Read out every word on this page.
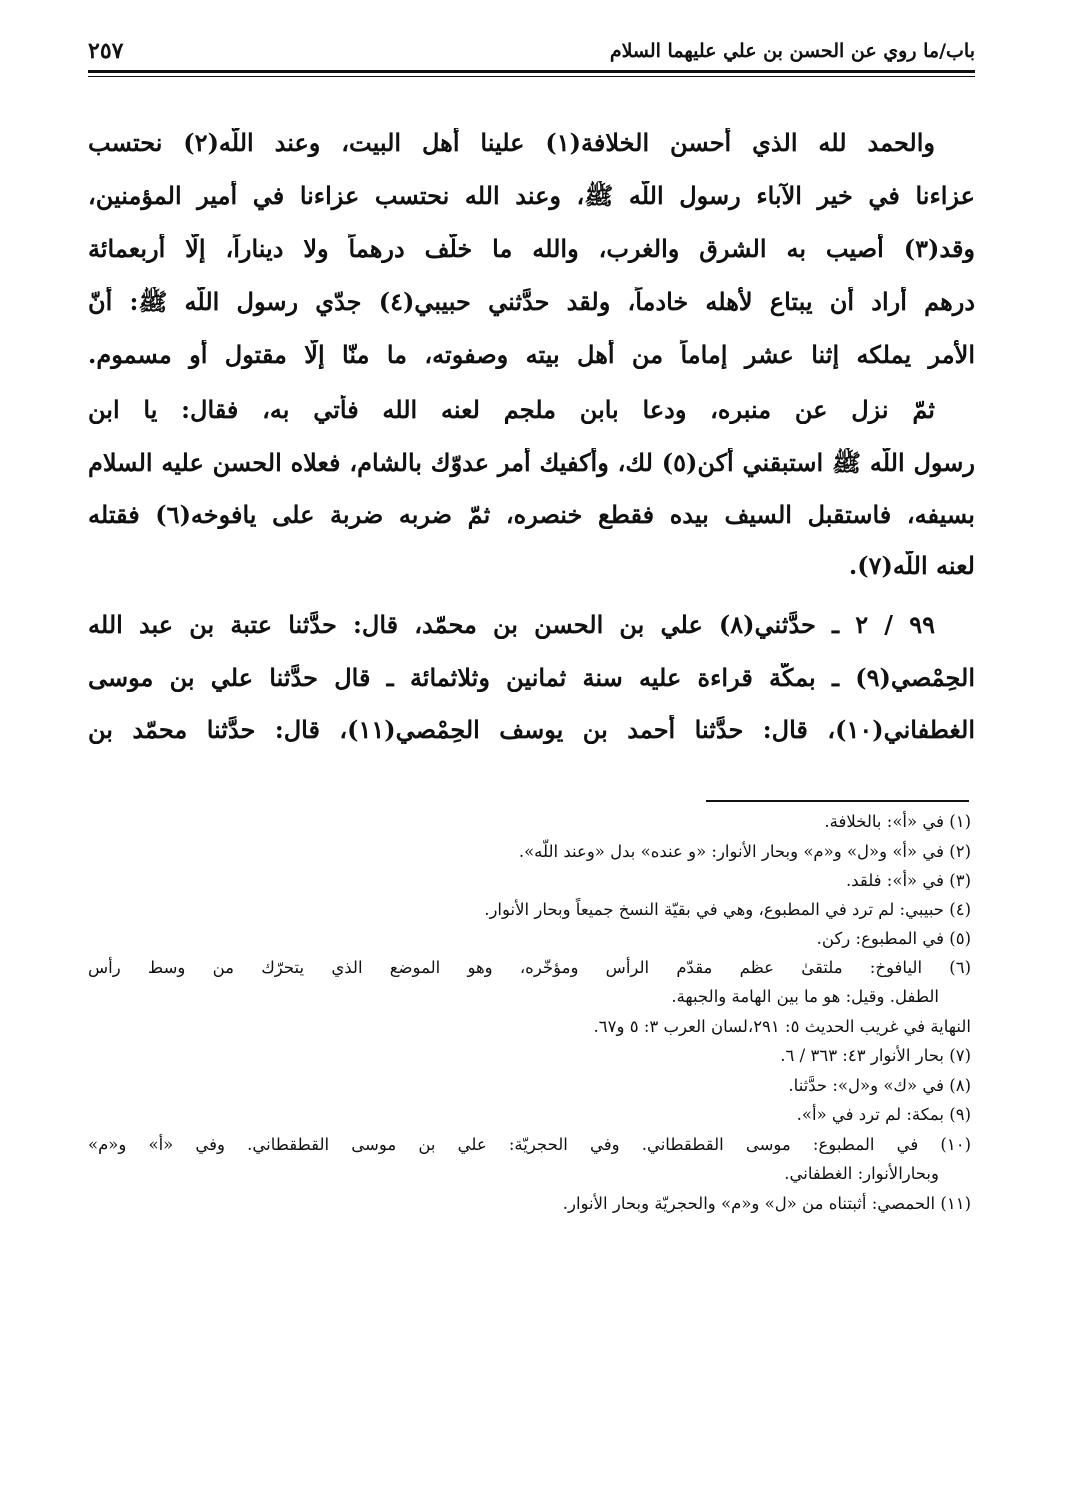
باب/ما روي عن الحسن بن علي عليهما السلام
٢٥٧
والحمد لله الذي أحسن الخلافة(١) علينا أهل البيت، وعند اللّه(٢) نحتسب
عزاءنا في خير الآباء رسول اللّه ﷺ، وعند الله نحتسب عزاءنا في أمير المؤمنين،
وقد(٣) أصيب به الشرق والغرب، والله ما خلّف درهماً ولا ديناراً، إلّا أربعمائة
درهم أراد أن يبتاع لأهله خادماً، ولقد حدَّثني حبيبي(٤) جدّي رسول اللّه ﷺ: أنّ
الأمر يملكه إثنا عشر إماماً من أهل بيته وصفوته، ما منّا إلّا مقتول أو مسموم.
ثمّ نزل عن منبره، ودعا بابن ملجم لعنه الله فأتي به، فقال: يا ابن
رسول اللّه ﷺ استبقني أكن(٥) لك، وأكفيك أمر عدوّك بالشام، فعلاه الحسن عليه السلام
بسيفه، فاستقبل السيف بيده فقطع خنصره، ثمّ ضربه ضربة على يافوخه(٦) فقتله
لعنه اللّه(٧).
٩٩ / ٢ ـ حدَّثني(٨) علي بن الحسن بن محمّد، قال: حدَّثنا عتبة بن عبد الله
الحِمْصي(٩) ـ بمكّة قراءة عليه سنة ثمانين وثلاثمائة ـ قال حدَّثنا علي بن موسى
الغطفاني(١٠)، قال: حدَّثنا أحمد بن يوسف الحِمْصي(١١)، قال: حدَّثنا محمّد بن
(١) في «أ»: بالخلافة.
(٢) في «أ» و«ل» و«م» وبحار الأنوار: «و عنده» بدل «وعند اللّه».
(٣) في «أ»: فلقد.
(٤) حبيبي: لم ترد في المطبوع، وهي في بقيّة النسخ جميعاً وبحار الأنوار.
(٥) في المطبوع: ركن.
(٦) اليافوخ: ملتقىٰ عظم مقدّم الرأس ومؤخّره، وهو الموضع الذي يتحرّك من وسط رأس
الطفل. وقيل: هو ما بين الهامة والجبهة.
النهاية في غريب الحديث ٥: ٢٩١،لسان العرب ٣: ٥ و٦٧.
(٧) بحار الأنوار ٤٣: ٣٦٣ / ٦.
(٨) في «ك» و«ل»: حدَّثنا.
(٩) بمكة: لم ترد في «أ».
(١٠) في المطبوع: موسى القطقطاني. وفي الحجريّة: علي بن موسى القطقطاني. وفي «أ» و«م»
وبحارالأنوار: الغطفاني.
(١١) الحمصي: أثبتناه من «ل» و«م» والحجريّة وبحار الأنوار.
